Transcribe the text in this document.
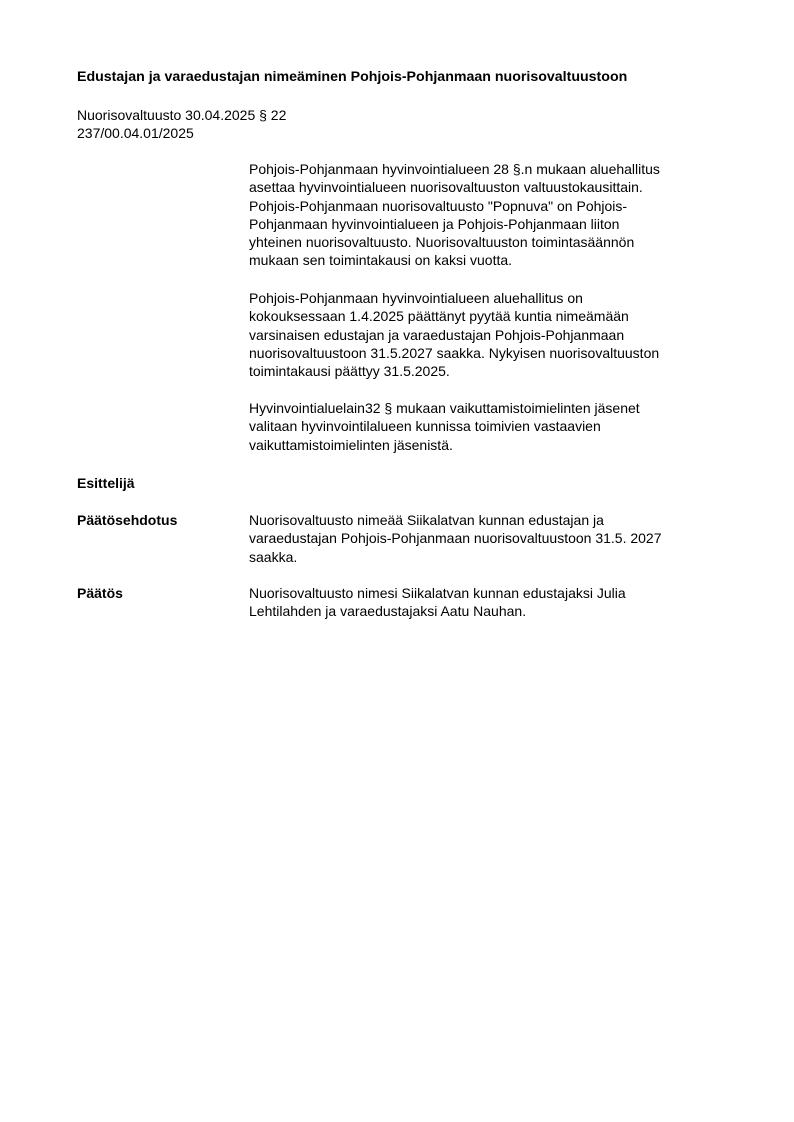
Edustajan ja varaedustajan nimeäminen Pohjois-Pohjanmaan nuorisovaltuustoon
Nuorisovaltuusto 30.04.2025 § 22
237/00.04.01/2025
Pohjois-Pohjanmaan hyvinvointialueen 28 §.n mukaan aluehallitus
asettaa hyvinvointialueen nuorisovaltuuston valtuustokausittain.
Pohjois-Pohjanmaan nuorisovaltuusto "Popnuva" on Pohjois-
Pohjanmaan hyvinvointialueen ja Pohjois-Pohjanmaan liiton
yhteinen nuorisovaltuusto. Nuorisovaltuuston toimintasäännön
mukaan sen toimintakausi on kaksi vuotta.
Pohjois-Pohjanmaan hyvinvointialueen aluehallitus on
kokouksessaan 1.4.2025 päättänyt pyytää kuntia nimeämään
varsinaisen edustajan ja varaedustajan Pohjois-Pohjanmaan
nuorisovaltuustoon 31.5.2027 saakka. Nykyisen nuorisovaltuuston
toimintakausi päättyy 31.5.2025.
Hyvinvointialuelain32 § mukaan vaikuttamistoimielinten jäsenet
valitaan hyvinvointilalueen kunnissa toimivien vastaavien
vaikuttamistoimielinten jäsenistä.
Esittelijä
Päätösehdotus	Nuorisovaltuusto nimeää Siikalatvan kunnan edustajan ja
varaedustajan Pohjois-Pohjanmaan nuorisovaltuustoon 31.5. 2027
saakka.
Päätös	Nuorisovaltuusto nimesi Siikalatvan kunnan edustajaksi Julia
Lehtilahden ja varaedustajaksi Aatu Nauhan.
